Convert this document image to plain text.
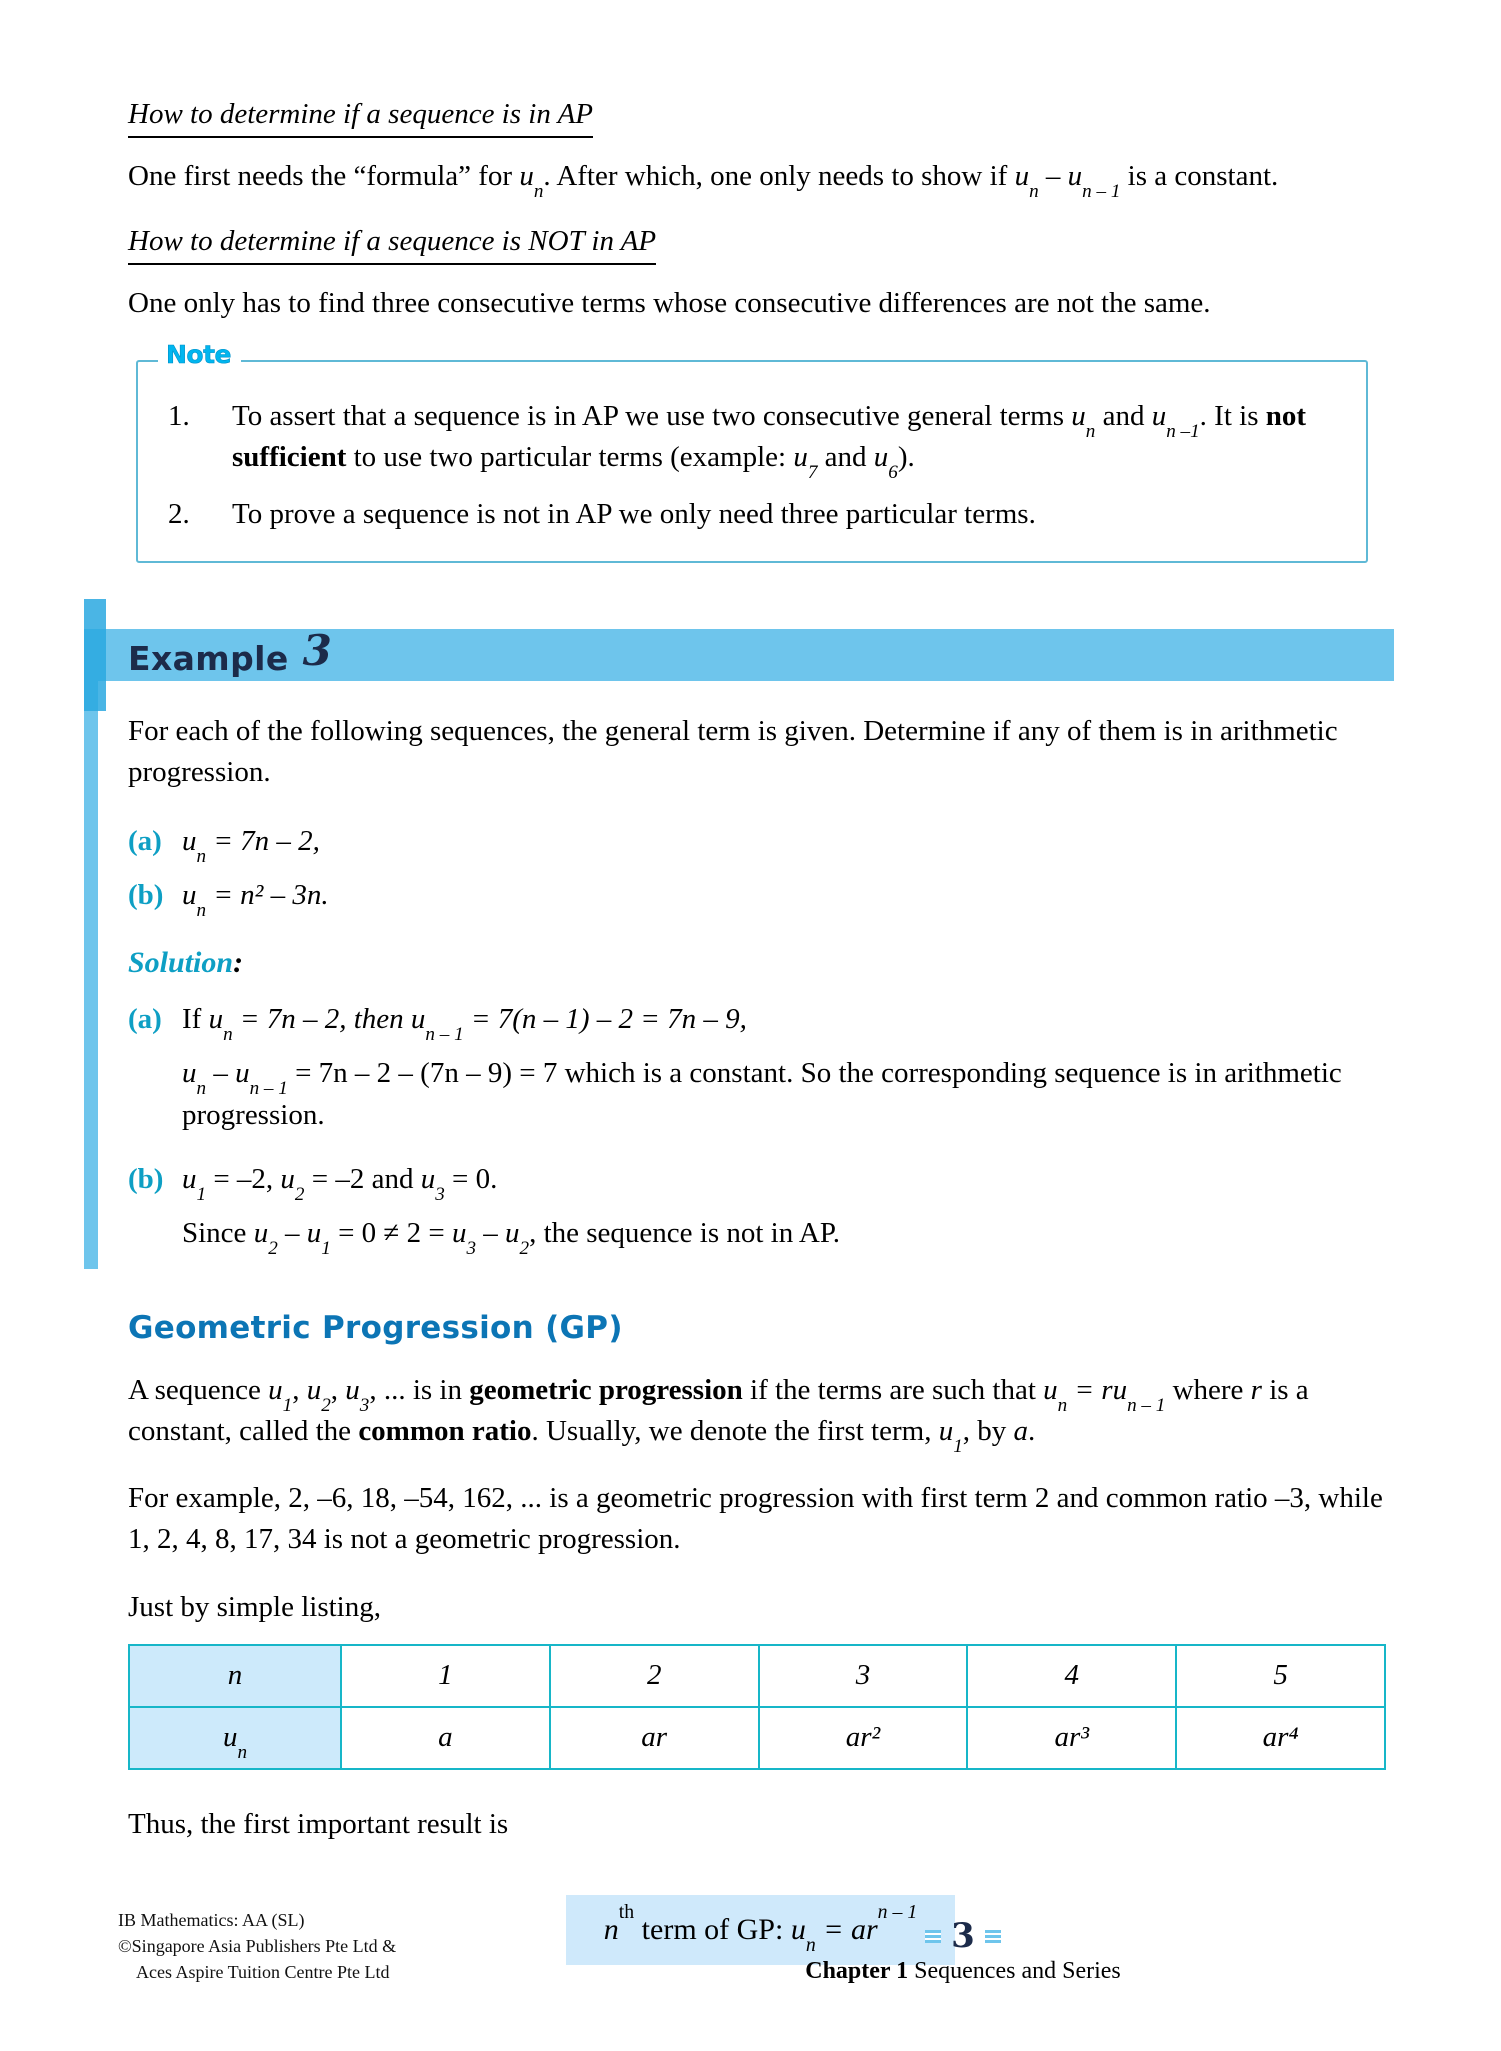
How to determine if a sequence is in AP

One first needs the “formula” for $u_n$. After which, one only needs to show if $u_n - u_{n - 1}$ is a constant.

How to determine if a sequence is NOT in AP

One only has to find three consecutive terms whose consecutive differences are not the same.

Note
1.	To assert that a sequence is in AP we use two consecutive general terms $u_n$ and $u_{n -1}$. It is not sufficient to use two particular terms (example: $u_7$ and $u_6$).
2.	To prove a sequence is not in AP we only need three particular terms.
Example 3

For each of the following sequences, the general term is given. Determine if any of them is in arithmetic progression.

(a) $u_n = 7n - 2$,
(b) $u_n = n^2 - 3n$.
Solution:
(a) If $u_n = 7n - 2$, then $u_{n - 1} = 7(n - 1) - 2 = 7n - 9$,
$u_n - u_{n - 1} = 7n - 2 - (7n - 9) = 7$ which is a constant. So the corresponding sequence is in arithmetic progression.
(b) $u_1 = -2$, $u_2 = -2$ and $u_3 = 0$.
Since $u_2 - u_1 = 0 \ne 2 = u_3 - u_2$, the sequence is not in AP.
Geometric Progression (GP)

A sequence $u_1$, $u_2$, $u_3$, ... is in geometric progression if the terms are such that $u_n = ru_{n - 1}$ where r is a constant, called the common ratio. Usually, we denote the first term, $u_1$, by a.

For example, 2, –6, 18, –54, 162, ... is a geometric progression with first term 2 and common ratio –3, while 1, 2, 4, 8, 17, 34 is not a geometric progression.

Just by simple listing,

n	1	2	3	4	5
$u_n$	a	ar	ar²	ar³	ar⁴

Thus, the first important result is

$n^{th}$ term of GP: $u_n = ar^{n - 1}$
IB Mathematics: AA (SL)
©Singapore Asia Publishers Pte Ltd &
Aces Aspire Tuition Centre Pte Ltd
3
Chapter 1 Sequences and Series
